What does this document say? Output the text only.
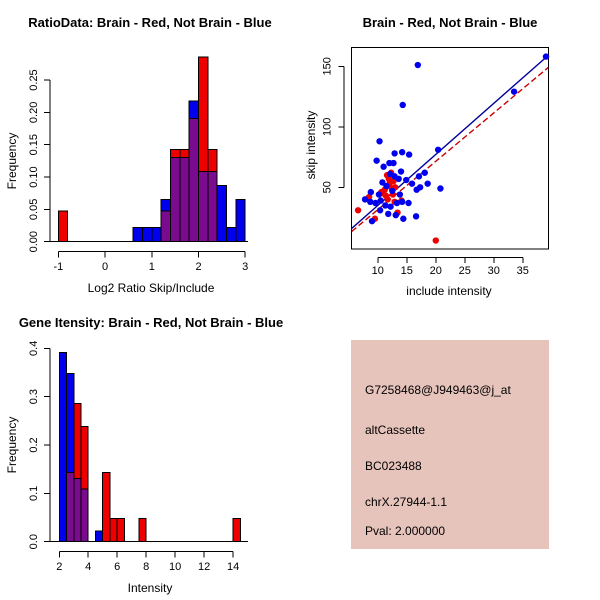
RatioData: Brain - Red, Not Brain - Blue
Log2 Ratio Skip/Include
Frequency
-1	0	1	2	3
0.00
0.05
0.10
0.15
0.20
0.25
Brain - Red, Not Brain - Blue
include intensity
skip intensity
10 15 20 25 30 35
50
100
150
Gene Itensity: Brain - Red, Not Brain - Blue
Intensity
Frequency
2 4 6 8 10 12 14
0.0
0.1
0.2
0.3
0.4
G7258468@J949463@j_at
altCassette
BC023488
chrX.27944-1.1
Pval: 2.000000
